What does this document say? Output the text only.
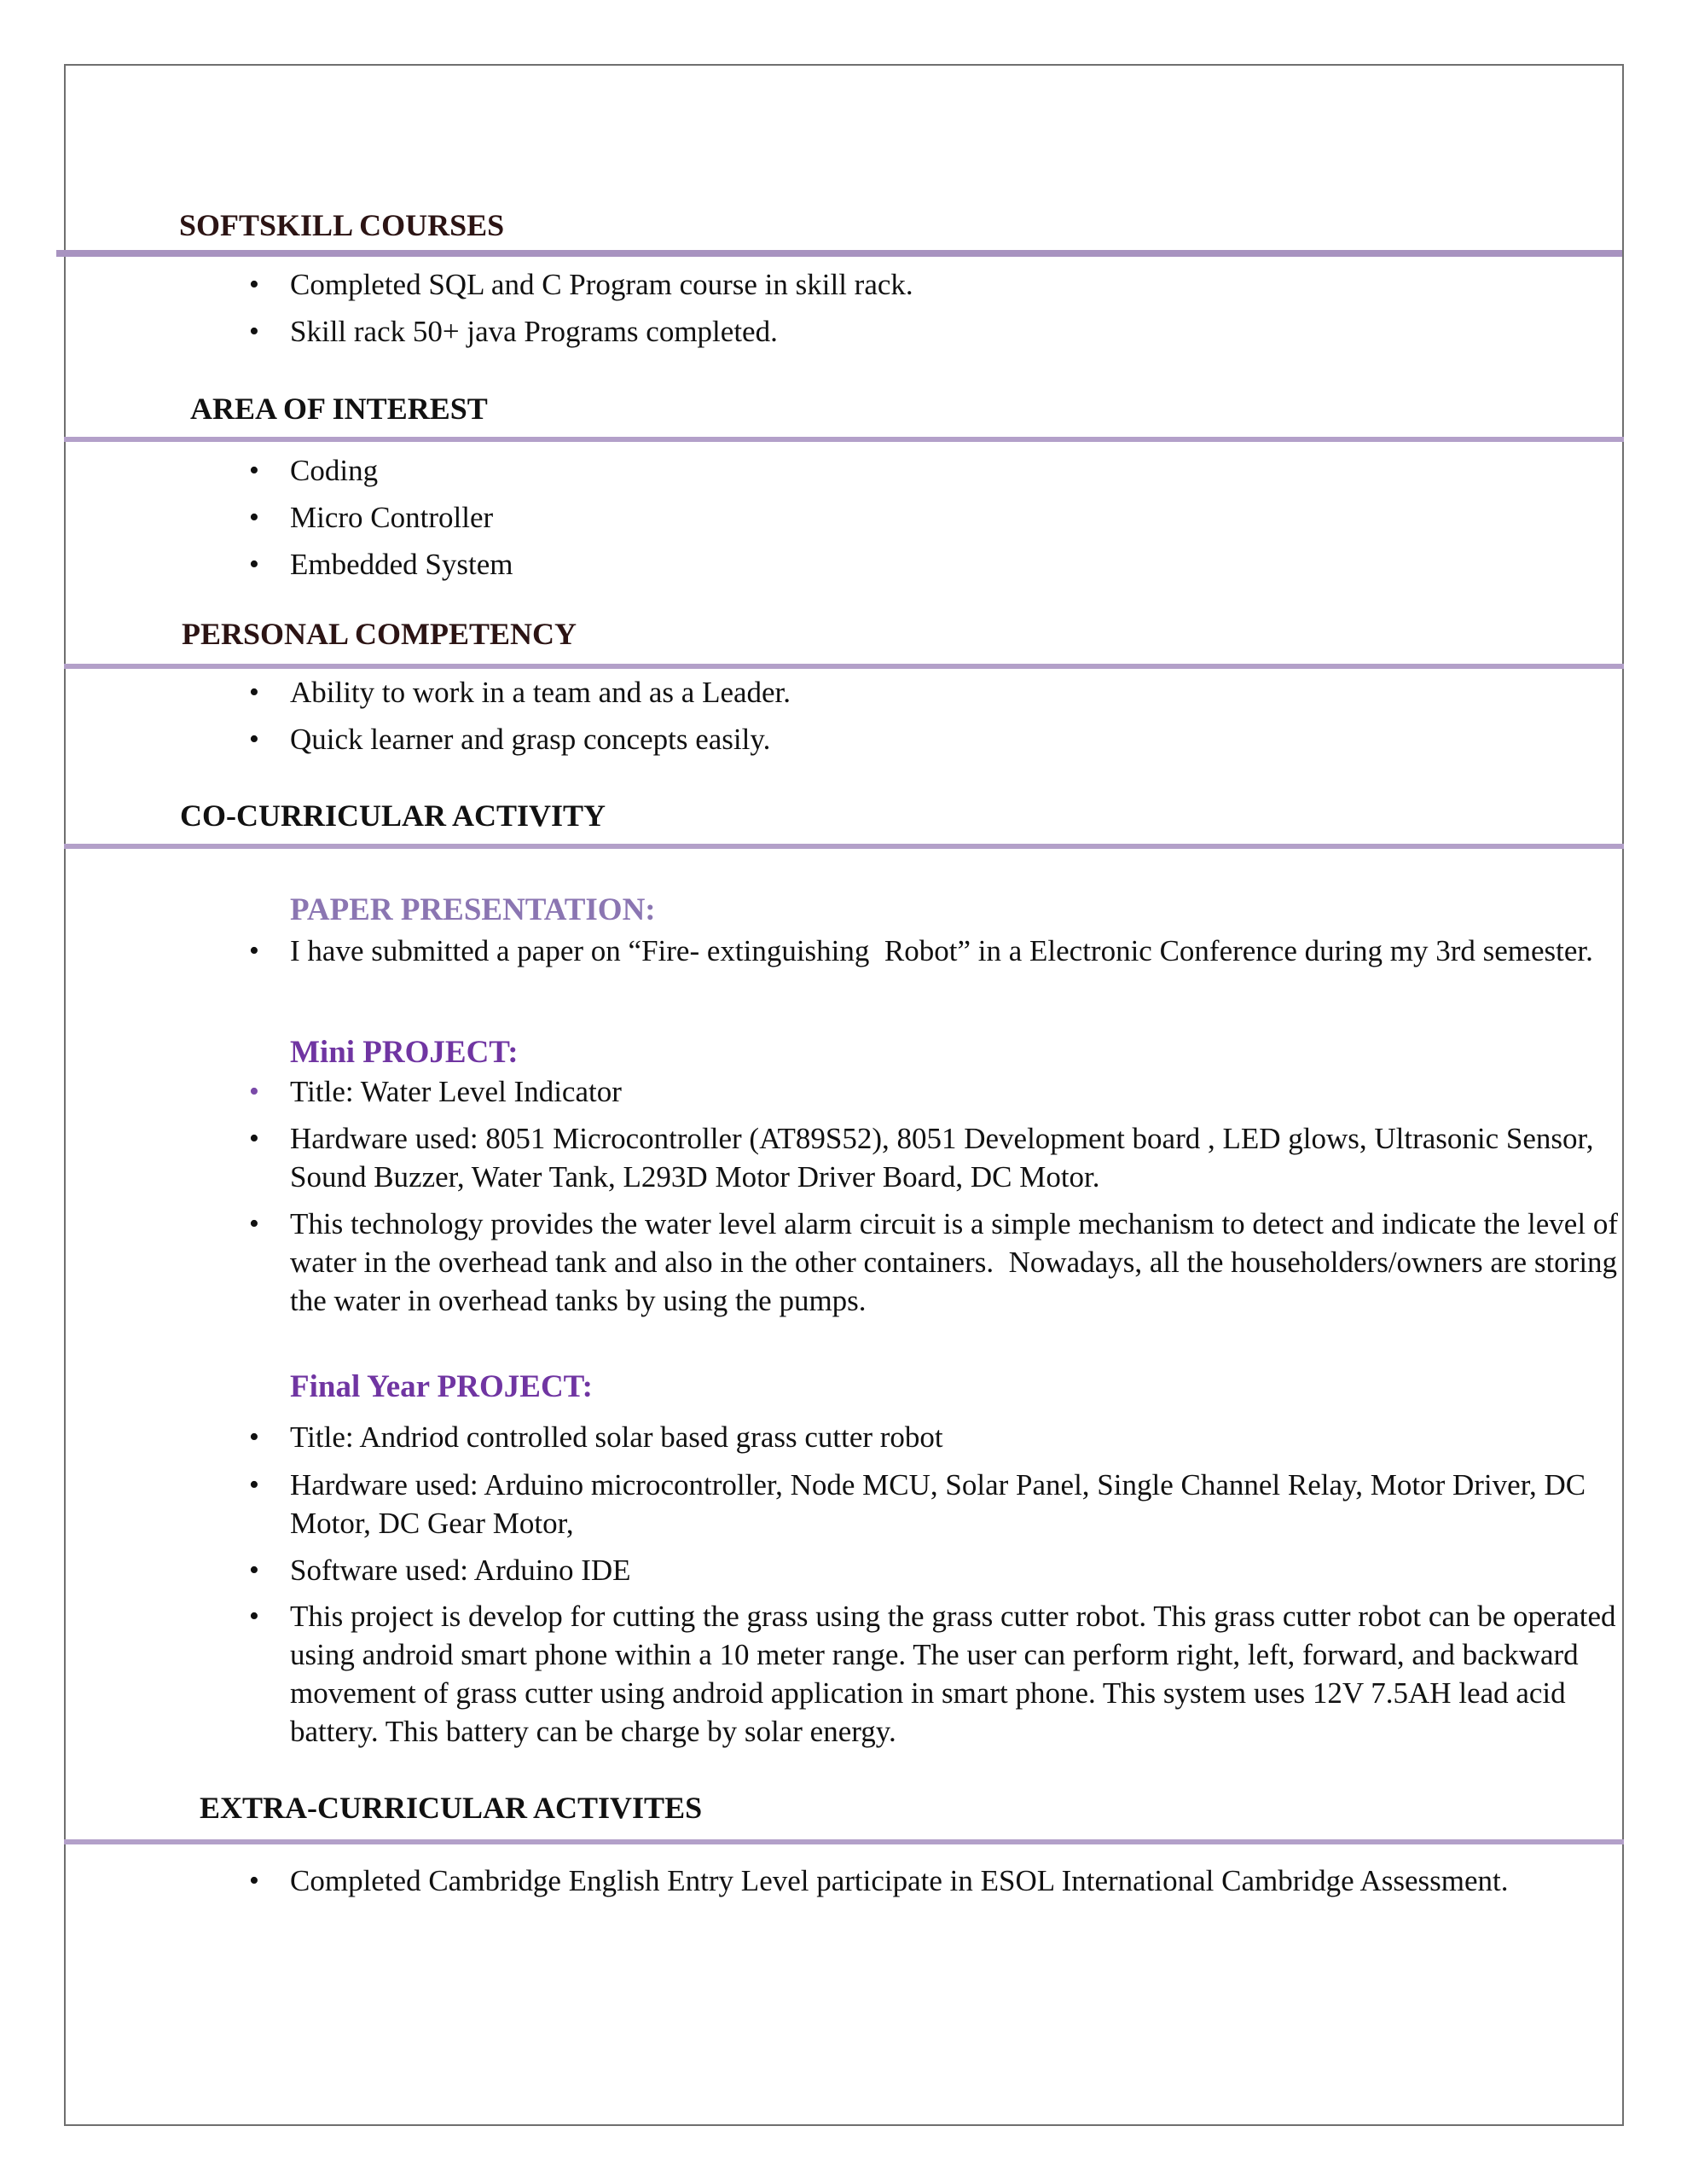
SOFTSKILL COURSES
• Completed SQL and C Program course in skill rack.
• Skill rack 50+ java Programs completed.
AREA OF INTEREST
• Coding
• Micro Controller
• Embedded System
PERSONAL COMPETENCY
• Ability to work in a team and as a Leader.
• Quick learner and grasp concepts easily.
CO-CURRICULAR ACTIVITY
PAPER PRESENTATION:
• I have submitted a paper on “Fire- extinguishing  Robot” in a Electronic Conference during my 3rd semester.
Mini PROJECT:
• Title: Water Level Indicator
• Hardware used: 8051 Microcontroller (AT89S52), 8051 Development board , LED glows, Ultrasonic Sensor, Sound Buzzer, Water Tank, L293D Motor Driver Board, DC Motor.
• This technology provides the water level alarm circuit is a simple mechanism to detect and indicate the level of water in the overhead tank and also in the other containers.  Nowadays, all the householders/owners are storing the water in overhead tanks by using the pumps.
Final Year PROJECT:
• Title: Andriod controlled solar based grass cutter robot
• Hardware used: Arduino microcontroller, Node MCU, Solar Panel, Single Channel Relay, Motor Driver, DC Motor, DC Gear Motor,
• Software used: Arduino IDE
• This project is develop for cutting the grass using the grass cutter robot. This grass cutter robot can be operated using android smart phone within a 10 meter range. The user can perform right, left, forward, and backward movement of grass cutter using android application in smart phone. This system uses 12V 7.5AH lead acid battery. This battery can be charge by solar energy.
EXTRA-CURRICULAR ACTIVITES
• Completed Cambridge English Entry Level participate in ESOL International Cambridge Assessment.
